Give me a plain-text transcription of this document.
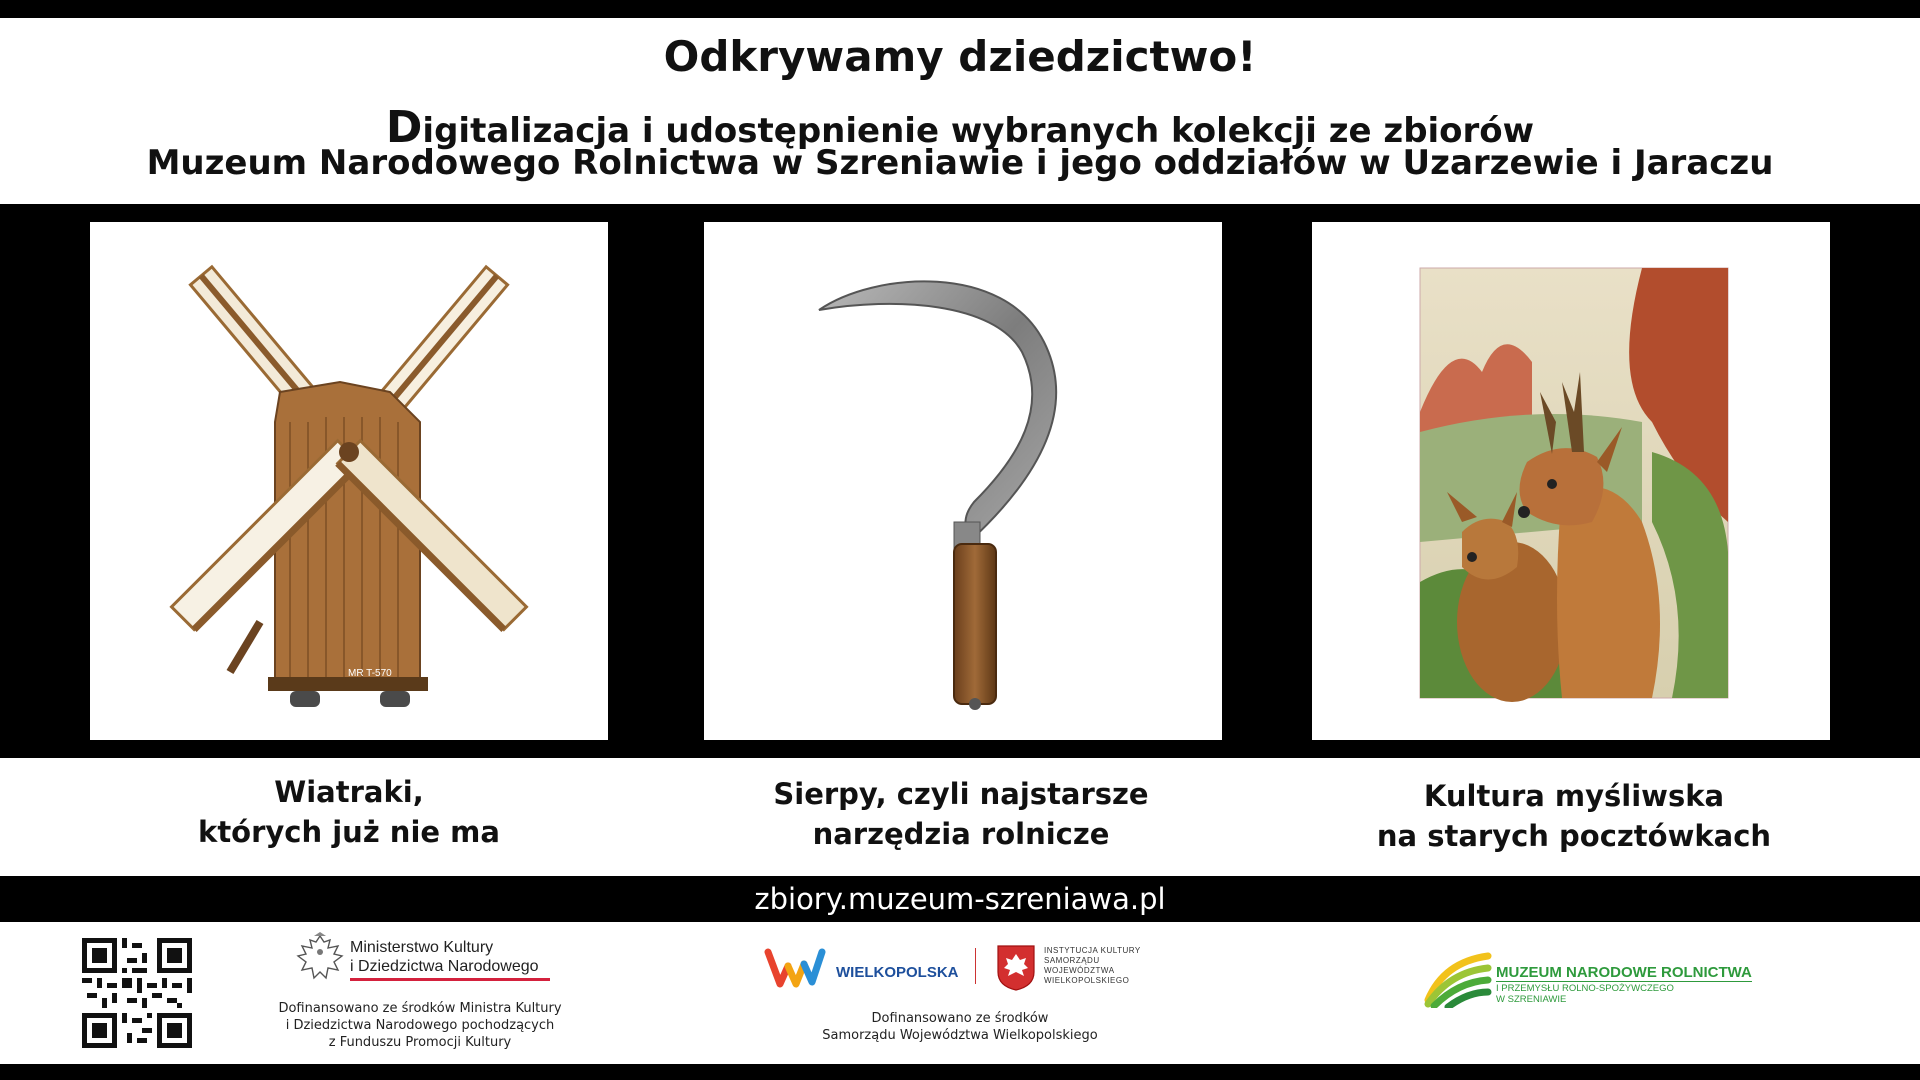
Odkrywamy dziedzictwo!
Digitalizacja i udostępnienie wybranych kolekcji ze zbiorów
Muzeum Narodowego Rolnictwa w Szreniawie i jego oddziałów w Uzarzewie i Jaraczu
MR T-570
Wiatraki,
których już nie ma
Sierpy, czyli najstarsze
narzędzia rolnicze
Kultura myśliwska
na starych pocztówkach
zbiory.muzeum-szreniawa.pl
Ministerstwo Kultury
i Dziedzictwa Narodowego
Dofinansowano ze środków Ministra Kultury
i Dziedzictwa Narodowego pochodzących
z Funduszu Promocji Kultury
WIELKOPOLSKA
INSTYTUCJA KULTURY
SAMORZĄDU
WOJEWÓDZTWA
WIELKOPOLSKIEGO
Dofinansowano ze środków
Samorządu Województwa Wielkopolskiego
MUZEUM NARODOWE ROLNICTWA
I PRZEMYSŁU ROLNO-SPOŻYWCZEGO
W SZRENIAWIE
